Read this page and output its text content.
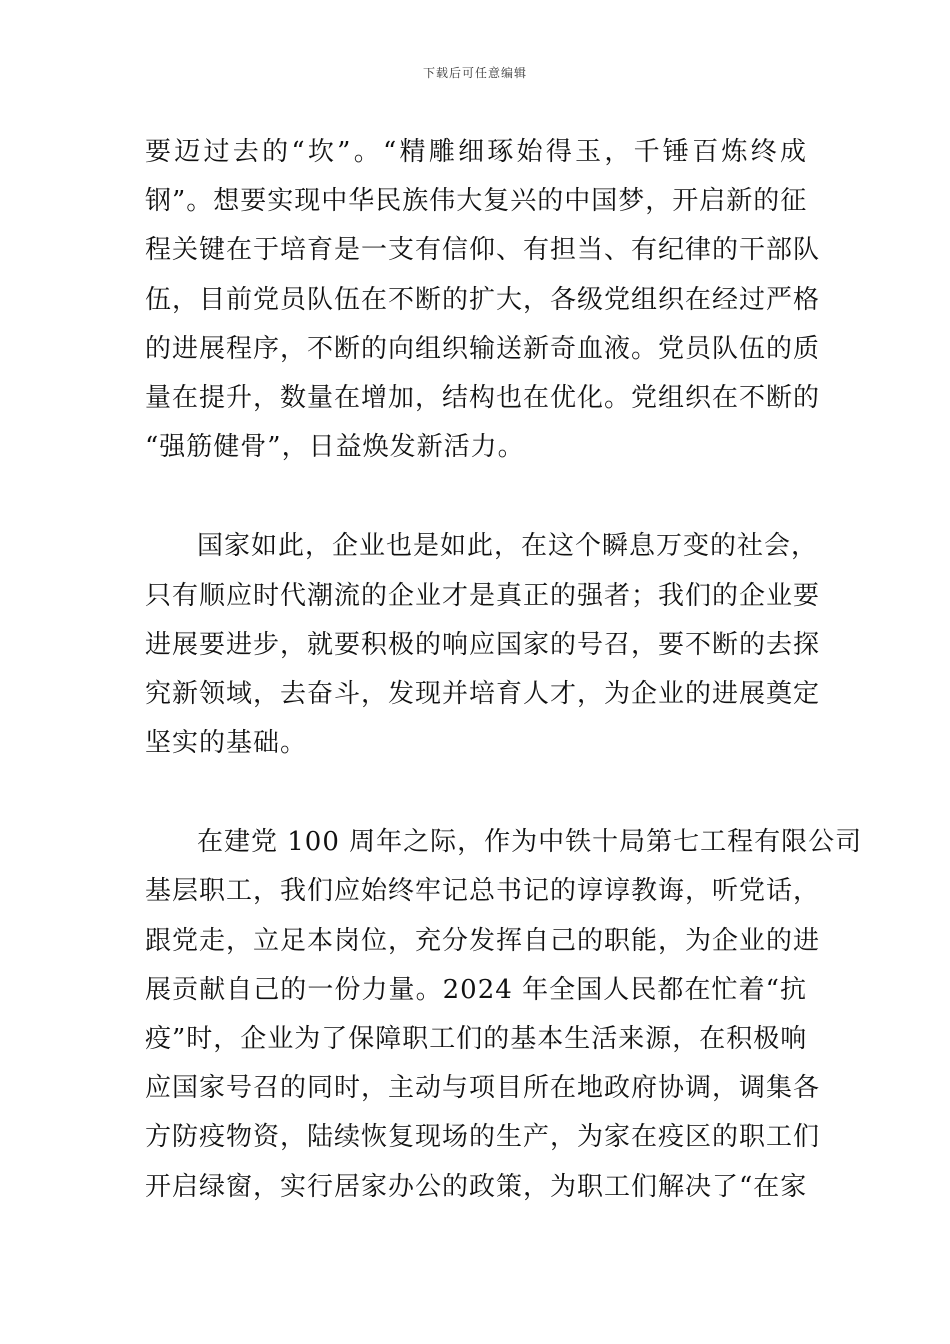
下载后可任意编辑
要迈过去的“坎”。“精雕细琢始得玉，千锤百炼终成
钢”。想要实现中华民族伟大复兴的中国梦，开启新的征
程关键在于培育是一支有信仰、有担当、有纪律的干部队
伍，目前党员队伍在不断的扩大，各级党组织在经过严格
的进展程序，不断的向组织输送新奇血液。党员队伍的质
量在提升，数量在增加，结构也在优化。党组织在不断的
“强筋健骨”，日益焕发新活力。
国家如此，企业也是如此，在这个瞬息万变的社会，
只有顺应时代潮流的企业才是真正的强者；我们的企业要
进展要进步，就要积极的响应国家的号召，要不断的去探
究新领域，去奋斗，发现并培育人才，为企业的进展奠定
坚实的基础。
在建党 100 周年之际，作为中铁十局第七工程有限公司
基层职工，我们应始终牢记总书记的谆谆教诲，听党话，
跟党走，立足本岗位，充分发挥自己的职能，为企业的进
展贡献自己的一份力量。2024 年全国人民都在忙着“抗
疫”时，企业为了保障职工们的基本生活来源，在积极响
应国家号召的同时，主动与项目所在地政府协调，调集各
方防疫物资，陆续恢复现场的生产，为家在疫区的职工们
开启绿窗，实行居家办公的政策，为职工们解决了“在家
